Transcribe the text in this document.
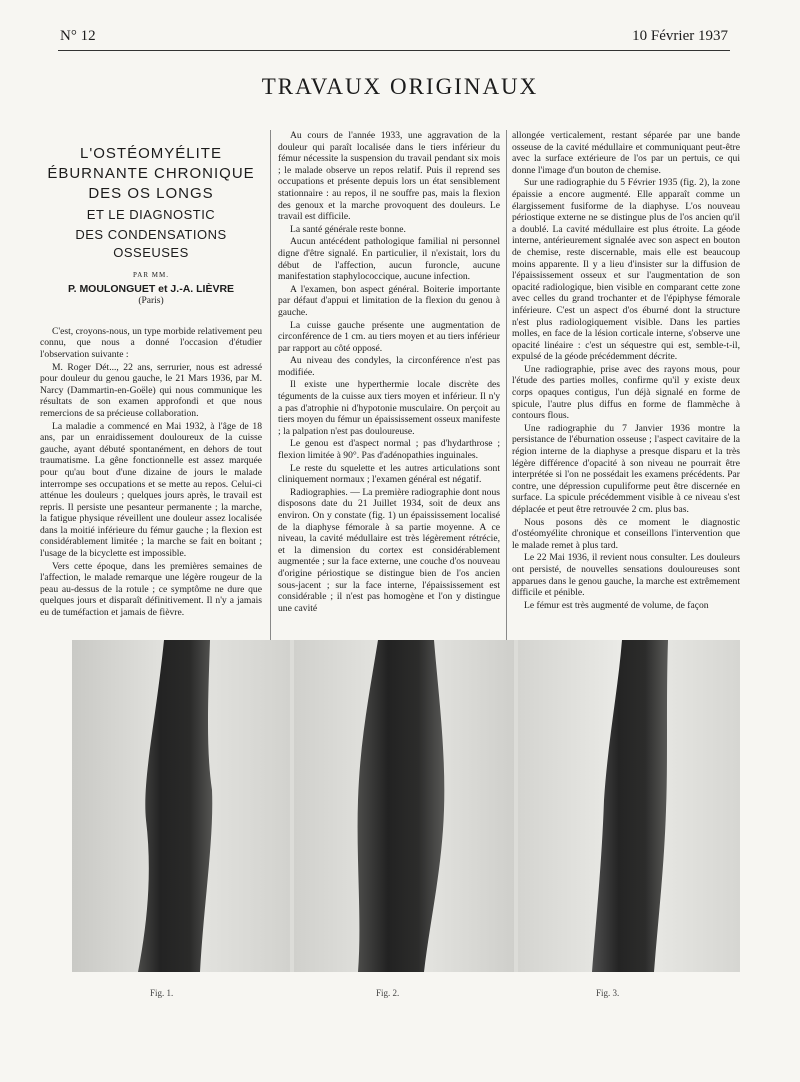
N° 12	10 Février 1937
TRAVAUX ORIGINAUX
L'OSTÉOMYÉLITE
ÉBURNANTE CHRONIQUE
DES OS LONGS
ET LE DIAGNOSTIC
DES CONDENSATIONS OSSEUSES
PAR MM.
P. MOULONGUET et J.-A. LIÈVRE
(Paris)

C'est, croyons-nous, un type morbide relativement peu connu, que nous a donné l'occasion d'étudier l'observation suivante :

M. Roger Dét..., 22 ans, serrurier, nous est adressé pour douleur du genou gauche, le 21 Mars 1936, par M. Narcy (Dammartin-en-Goële) qui nous communique les résultats de son examen approfondi et que nous remercions de sa précieuse collaboration.

La maladie a commencé en Mai 1932, à l'âge de 18 ans, par un enraidissement douloureux de la cuisse gauche, ayant débuté spontanément, en dehors de tout traumatisme. La gêne fonctionnelle est assez marquée pour qu'au bout d'une dizaine de jours le malade interrompe ses occupations et se mette au repos. Celui-ci atténue les douleurs ; quelques jours après, le travail est repris. Il persiste une pesanteur permanente ; la marche, la fatigue physique réveillent une douleur assez localisée dans la moitié inférieure du fémur gauche ; la flexion est considérablement limitée ; la marche se fait en boitant ; l'usage de la bicyclette est impossible.

Vers cette époque, dans les premières semaines de l'affection, le malade remarque une légère rougeur de la peau au-dessus de la rotule ; ce symptôme ne dure que quelques jours et disparaît définitivement. Il n'y a jamais eu de tuméfaction et jamais de fièvre.

Au cours de l'année 1933, une aggravation de la douleur qui paraît localisée dans le tiers inférieur du fémur nécessite la suspension du travail pendant six mois ; le malade observe un repos relatif. Puis il reprend ses occupations et présente depuis lors un état sensiblement stationnaire : au repos, il ne souffre pas, mais la flexion des genoux et la marche provoquent des douleurs. Le travail est difficile.

La santé générale reste bonne.

Aucun antécédent pathologique familial ni personnel digne d'être signalé. En particulier, il n'existait, lors du début de l'affection, aucun furoncle, aucune manifestation staphylococcique, aucune infection.

A l'examen, bon aspect général. Boiterie importante par défaut d'appui et limitation de la flexion du genou à gauche.

La cuisse gauche présente une augmentation de circonférence de 1 cm. au tiers moyen et au tiers inférieur par rapport au côté opposé.

Au niveau des condyles, la circonférence n'est pas modifiée.

Il existe une hyperthermie locale discrète des téguments de la cuisse aux tiers moyen et inférieur. Il n'y a pas d'atrophie ni d'hypotonie musculaire. On perçoit au tiers moyen du fémur un épaississement osseux manifeste ; la palpation n'est pas douloureuse.

Le genou est d'aspect normal ; pas d'hydarthrose ; flexion limitée à 90°. Pas d'adénopathies inguinales.

Le reste du squelette et les autres articulations sont cliniquement normaux ; l'examen général est négatif.

Radiographies. — La première radiographie dont nous disposons date du 21 Juillet 1934, soit de deux ans environ. On y constate (fig. 1) un épaississement localisé de la diaphyse fémorale à sa partie moyenne. A ce niveau, la cavité médullaire est très légèrement rétrécie, et la dimension du cortex est considérablement augmentée ; sur la face externe, une couche d'os nouveau d'origine périostique se distingue bien de l'os ancien sous-jacent ; sur la face interne, l'épaississement est considérable ; il n'est pas homogène et l'on y distingue une cavité

allongée verticalement, restant séparée par une bande osseuse de la cavité médullaire et communiquant peut-être avec la surface extérieure de l'os par un pertuis, ce qui donne l'image d'un bouton de chemise.

Sur une radiographie du 5 Février 1935 (fig. 2), la zone épaissie a encore augmenté. Elle apparaît comme un élargissement fusiforme de la diaphyse. L'os nouveau périostique externe ne se distingue plus de l'os ancien qu'il a doublé. La cavité médullaire est plus étroite. La géode interne, antérieurement signalée avec son aspect en bouton de chemise, reste discernable, mais elle est beaucoup moins apparente. Il y a lieu d'insister sur la diffusion de l'épaississement osseux et sur l'augmentation de son opacité radiologique, bien visible en comparant cette zone avec celles du grand trochanter et de l'épiphyse fémorale inférieure. C'est un aspect d'os éburné dont la structure n'est plus radiologiquement visible. Dans les parties molles, en face de la lésion corticale interne, s'observe une opacité linéaire : c'est un séquestre qui est, semble-t-il, expulsé de la géode précédemment décrite.

Une radiographie, prise avec des rayons mous, pour l'étude des parties molles, confirme qu'il y existe deux corps opaques contigus, l'un déjà signalé en forme de spicule, l'autre plus diffus en forme de flammèche à contours flous.

Une radiographie du 7 Janvier 1936 montre la persistance de l'éburnation osseuse ; l'aspect cavitaire de la région interne de la diaphyse a presque disparu et la très légère différence d'opacité à son niveau ne pourrait être interprétée si l'on ne possédait les examens précédents. Par contre, une dépression cupuliforme peut être discernée en surface. La spicule précédemment visible à ce niveau s'est déplacée et peut être retrouvée 2 cm. plus bas.

Nous posons dès ce moment le diagnostic d'ostéomyélite chronique et conseillons l'intervention que le malade remet à plus tard.

Le 22 Mai 1936, il revient nous consulter. Les douleurs ont persisté, de nouvelles sensations douloureuses sont apparues dans le genou gauche, la marche est extrêmement difficile et pénible.

Le fémur est très augmenté de volume, de façon

Fig. 1.	Fig. 2.	Fig. 3.
